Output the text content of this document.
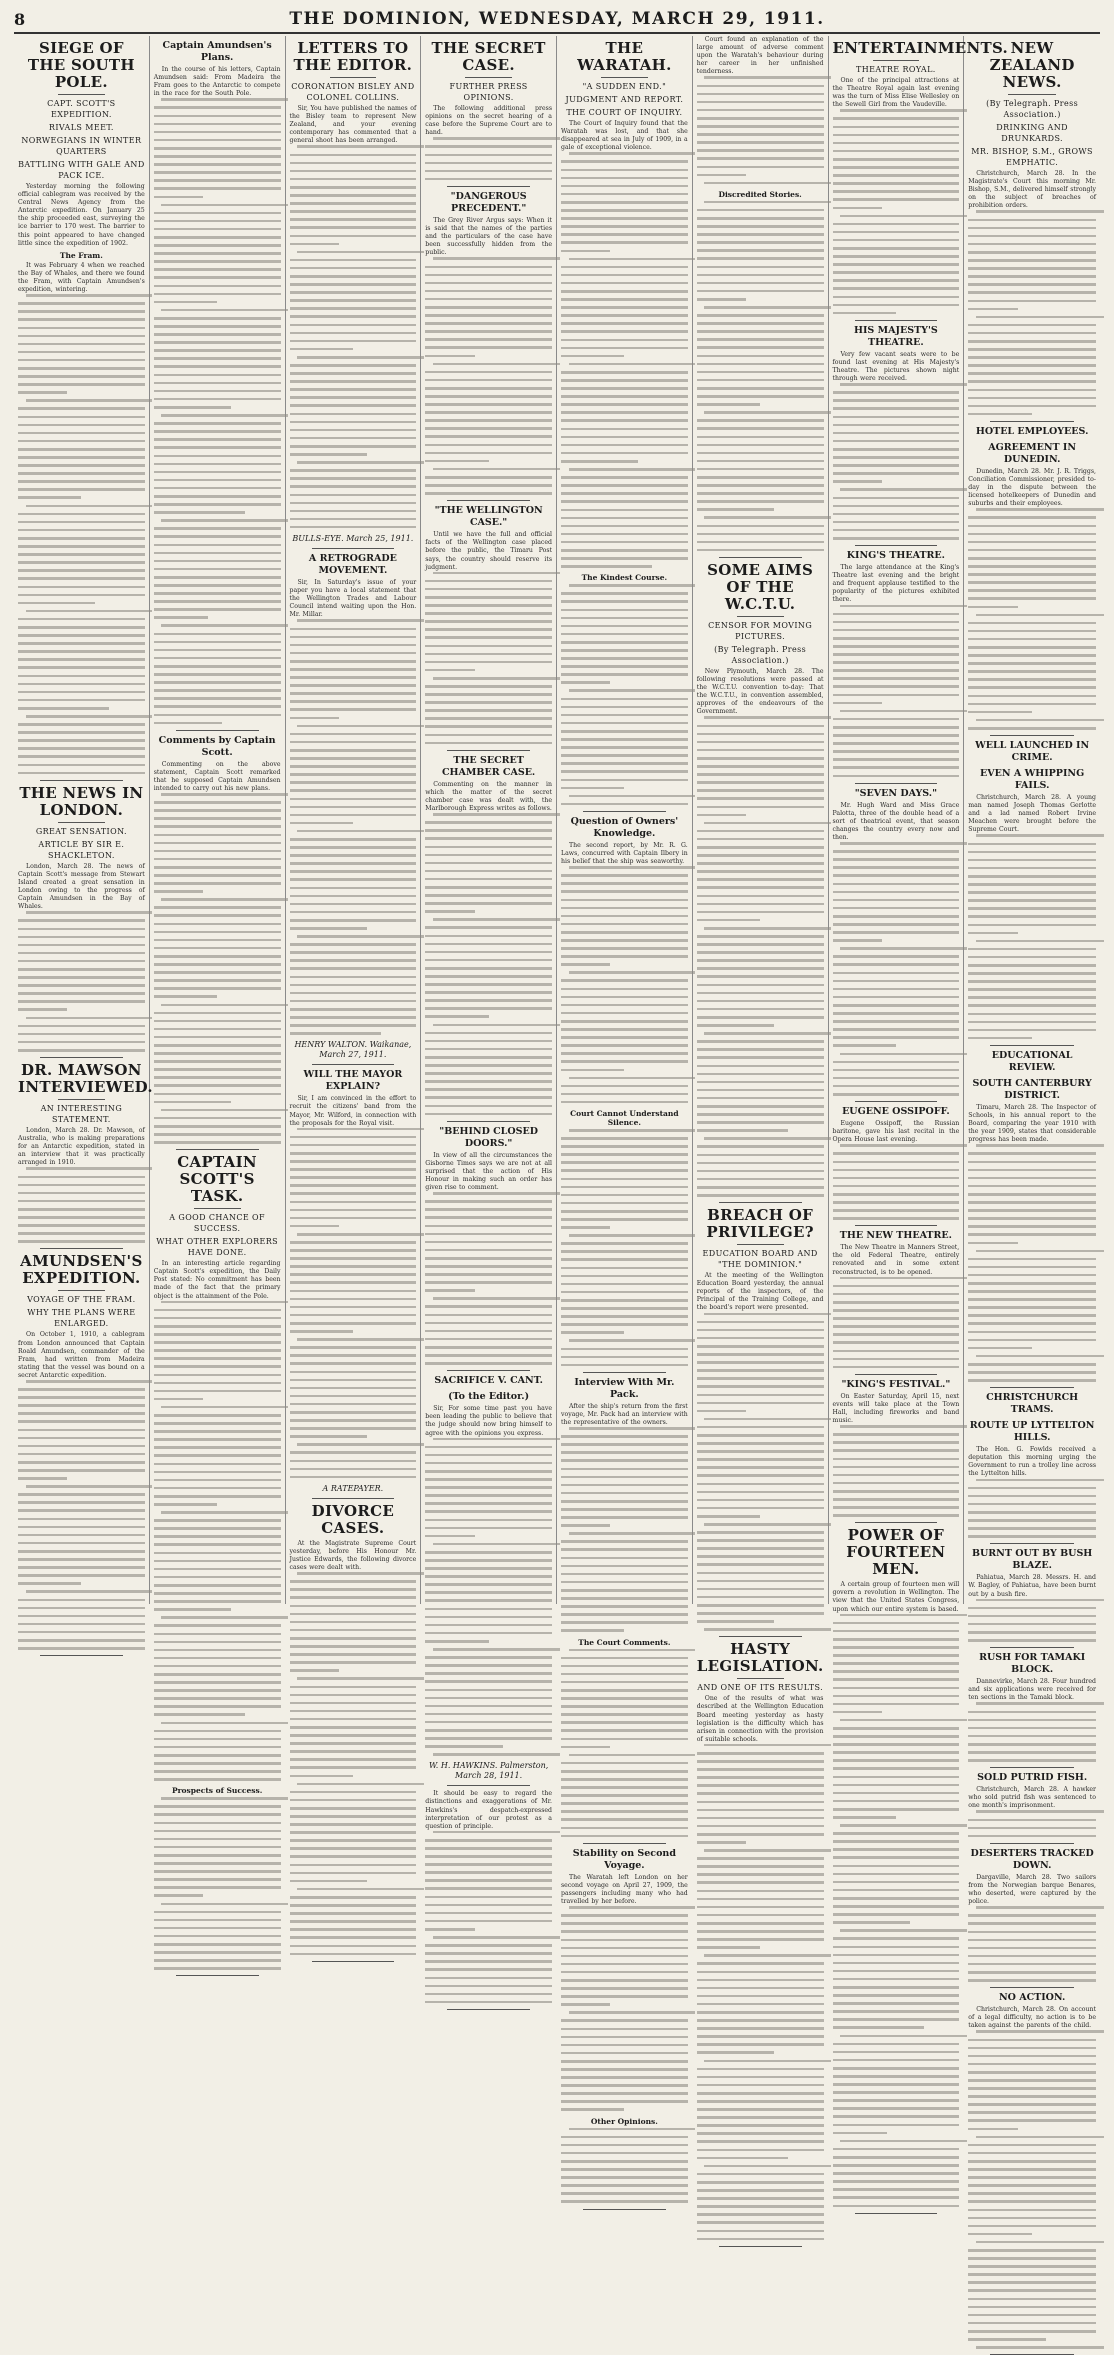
8	THE DOMINION, WEDNESDAY, MARCH 29, 1911.
SIEGE OF THE SOUTH POLE.
CAPT. SCOTT'S EXPEDITION.
RIVALS MEET.
NORWEGIANS IN WINTER QUARTERS
BATTLING WITH GALE AND PACK ICE.

Yesterday morning the following official cablegram was received by the Central News Agency from the Antarctic expedition. On January 25 the ship proceeded east, surveying the ice barrier to 170 west. The barrier to this point appeared to have changed little since the expedition of 1902.

The Fram.

It was February 4 when we reached the Bay of Whales, and there we found the Fram, with Captain Amundsen's expedition, wintering.

THE NEWS IN LONDON.
GREAT SENSATION.
ARTICLE BY SIR E. SHACKLETON.

London, March 28. The news of Captain Scott's message from Stewart Island created a great sensation in London owing to the progress of Captain Amundsen in the Bay of Whales.

DR. MAWSON INTERVIEWED.
AN INTERESTING STATEMENT.

London, March 28. Dr. Mawson, of Australia, who is making preparations for an Antarctic expedition, stated in an interview that it was practically arranged in 1910.

AMUNDSEN'S EXPEDITION.
VOYAGE OF THE FRAM.
WHY THE PLANS WERE ENLARGED.

On October 1, 1910, a cablegram from London announced that Captain Roald Amundsen, commander of the Fram, had written from Madeira stating that the vessel was bound on a secret Antarctic expedition.

Captain Amundsen's Plans.

In the course of his letters, Captain Amundsen said: From Madeira the Fram goes to the Antarctic to compete in the race for the South Pole.

Comments by Captain Scott.

Commenting on the above statement, Captain Scott remarked that he supposed Captain Amundsen intended to carry out his new plans.

CAPTAIN SCOTT'S TASK.
A GOOD CHANCE OF SUCCESS.
WHAT OTHER EXPLORERS HAVE DONE.

In an interesting article regarding Captain Scott's expedition, the Daily Post stated: No commitment has been made of the fact that the primary object is the attainment of the Pole.

Prospects of Success.
LETTERS TO THE EDITOR.
CORONATION BISLEY AND COLONEL COLLINS.

Sir, You have published the names of the Bisley team to represent New Zealand, and your evening contemporary has commented that a general shoot has been arranged.

BULLS-EYE. March 25, 1911.
A RETROGRADE MOVEMENT.

Sir, In Saturday's issue of your paper you have a local statement that the Wellington Trades and Labour Council intend waiting upon the Hon. Mr. Millar.

HENRY WALTON. Waikanae, March 27, 1911.
WILL THE MAYOR EXPLAIN?

Sir, I am convinced in the effort to recruit the citizens' band from the Mayor, Mr. Wilford, in connection with the proposals for the Royal visit.

A RATEPAYER.
DIVORCE CASES.

At the Magistrate Supreme Court yesterday, before His Honour Mr. Justice Edwards, the following divorce cases were dealt with.

THE SECRET CASE.
FURTHER PRESS OPINIONS.

The following additional press opinions on the secret hearing of a case before the Supreme Court are to hand.

"DANGEROUS PRECEDENT."

The Grey River Argus says: When it is said that the names of the parties and the particulars of the case have been successfully hidden from the public.

"THE WELLINGTON CASE."

Until we have the full and official facts of the Wellington case placed before the public, the Timaru Post says, the country should reserve its judgment.

THE SECRET CHAMBER CASE.

Commenting on the manner in which the matter of the secret chamber case was dealt with, the Marlborough Express writes as follows.

"BEHIND CLOSED DOORS."

In view of all the circumstances the Gisborne Times says we are not at all surprised that the action of His Honour in making such an order has given rise to comment.

SACRIFICE V. CANT.
(To the Editor.)

Sir, For some time past you have been leading the public to believe that the judge should now bring himself to agree with the opinions you express.

W. H. HAWKINS. Palmerston, March 28, 1911.

It should be easy to regard the distinctions and exaggerations of Mr. Hawkins's despatch-expressed interpretation of our protest as a question of principle.

THE WARATAH.
"A SUDDEN END."
JUDGMENT AND REPORT.
THE COURT OF INQUIRY.

The Court of Inquiry found that the Waratah was lost, and that she disappeared at sea in July of 1909, in a gale of exceptional violence.

The Kindest Course.
Question of Owners' Knowledge.

The second report, by Mr. R. G. Laws, concurred with Captain Ilbery in his belief that the ship was seaworthy.

Court Cannot Understand Silence.
Interview With Mr. Pack.

After the ship's return from the first voyage, Mr. Pack had an interview with the representative of the owners.

The Court Comments.
Stability on Second Voyage.

The Waratah left London on her second voyage on April 27, 1909, the passengers including many who had travelled by her before.

Other Opinions.

Court found an explanation of the large amount of adverse comment upon the Waratah's behaviour during her career in her unfinished tenderness.

Discredited Stories.
SOME AIMS OF THE W.C.T.U.
CENSOR FOR MOVING PICTURES.
(By Telegraph. Press Association.)

New Plymouth, March 28. The following resolutions were passed at the W.C.T.U. convention to-day: That the W.C.T.U., in convention assembled, approves of the endeavours of the Government.

BREACH OF PRIVILEGE?
EDUCATION BOARD AND "THE DOMINION."

At the meeting of the Wellington Education Board yesterday, the annual reports of the inspectors, of the Principal of the Training College, and the board's report were presented.

HASTY LEGISLATION.
AND ONE OF ITS RESULTS.

One of the results of what was described at the Wellington Education Board meeting yesterday as hasty legislation is the difficulty which has arisen in connection with the provision of suitable schools.

ENTERTAINMENTS.
THEATRE ROYAL.

One of the principal attractions at the Theatre Royal again last evening was the turn of Miss Elise Wellesley on the Sewell Girl from the Vaudeville.

HIS MAJESTY'S THEATRE.

Very few vacant seats were to be found last evening at His Majesty's Theatre. The pictures shown night through were received.

KING'S THEATRE.

The large attendance at the King's Theatre last evening and the bright and frequent applause testified to the popularity of the pictures exhibited there.

"SEVEN DAYS."

Mr. Hugh Ward and Miss Grace Palotta, three of the double head of a sort of theatrical event, that season changes the country every now and then.

EUGENE OSSIPOFF.

Eugene Ossipoff, the Russian baritone, gave his last recital in the Opera House last evening.

THE NEW THEATRE.

The New Theatre in Manners Street, the old Federal Theatre, entirely renovated and in some extent reconstructed, is to be opened.

"KING'S FESTIVAL."

On Easter Saturday, April 15, next events will take place at the Town Hall, including fireworks and band music.

POWER OF FOURTEEN MEN.

A certain group of fourteen men will govern a revolution in Wellington. The view that the United States Congress, upon which our entire system is based.

NEW ZEALAND NEWS.
(By Telegraph. Press Association.)
DRINKING AND DRUNKARDS.
MR. BISHOP, S.M., GROWS EMPHATIC.

Christchurch, March 28. In the Magistrate's Court this morning Mr. Bishop, S.M., delivered himself strongly on the subject of breaches of prohibition orders.

HOTEL EMPLOYEES.
AGREEMENT IN DUNEDIN.

Dunedin, March 28. Mr. J. R. Triggs, Conciliation Commissioner, presided to-day in the dispute between the licensed hotelkeepers of Dunedin and suburbs and their employees.

WELL LAUNCHED IN CRIME.
EVEN A WHIPPING FAILS.

Christchurch, March 28. A young man named Joseph Thomas Gerlotte and a lad named Robert Irvine Meachen were brought before the Supreme Court.

EDUCATIONAL REVIEW.
SOUTH CANTERBURY DISTRICT.

Timaru, March 28. The Inspector of Schools, in his annual report to the Board, comparing the year 1910 with the year 1909, states that considerable progress has been made.

CHRISTCHURCH TRAMS.
ROUTE UP LYTTELTON HILLS.

The Hon. G. Fowlds received a deputation this morning urging the Government to run a trolley line across the Lyttelton hills.

BURNT OUT BY BUSH BLAZE.

Pahiatua, March 28. Messrs. H. and W. Bagley, of Pahiatua, have been burnt out by a bush fire.

RUSH FOR TAMAKI BLOCK.

Dannevirke, March 28. Four hundred and six applications were received for ten sections in the Tamaki block.

SOLD PUTRID FISH.

Christchurch, March 28. A hawker who sold putrid fish was sentenced to one month's imprisonment.

DESERTERS TRACKED DOWN.

Dargaville, March 28. Two sailors from the Norwegian barque Benares, who deserted, were captured by the police.

NO ACTION.

Christchurch, March 28. On account of a legal difficulty, no action is to be taken against the parents of the child.
